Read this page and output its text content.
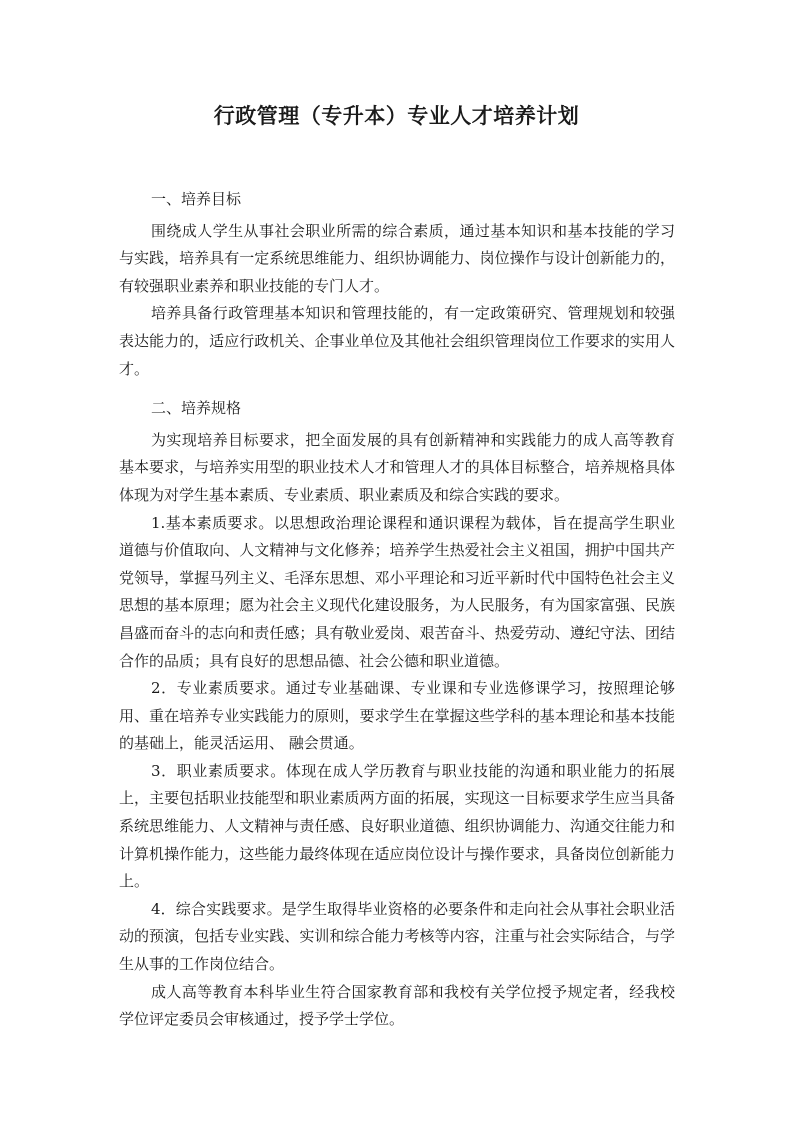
行政管理（专升本）专业人才培养计划
一、培养目标

围绕成人学生从事社会职业所需的综合素质，通过基本知识和基本技能的学习与实践，培养具有一定系统思维能力、组织协调能力、岗位操作与设计创新能力的，有较强职业素养和职业技能的专门人才。

培养具备行政管理基本知识和管理技能的，有一定政策研究、管理规划和较强表达能力的，适应行政机关、企事业单位及其他社会组织管理岗位工作要求的实用人才。

二、培养规格

为实现培养目标要求，把全面发展的具有创新精神和实践能力的成人高等教育基本要求，与培养实用型的职业技术人才和管理人才的具体目标整合，培养规格具体体现为对学生基本素质、专业素质、职业素质及和综合实践的要求。

1.基本素质要求。以思想政治理论课程和通识课程为载体，旨在提高学生职业道德与价值取向、人文精神与文化修养；培养学生热爱社会主义祖国，拥护中国共产党领导，掌握马列主义、毛泽东思想、邓小平理论和习近平新时代中国特色社会主义思想的基本原理；愿为社会主义现代化建设服务，为人民服务，有为国家富强、民族昌盛而奋斗的志向和责任感；具有敬业爱岗、艰苦奋斗、热爱劳动、遵纪守法、团结合作的品质；具有良好的思想品德、社会公德和职业道德。

2．专业素质要求。通过专业基础课、专业课和专业选修课学习，按照理论够用、重在培养专业实践能力的原则，要求学生在掌握这些学科的基本理论和基本技能的基础上，能灵活运用、 融会贯通。

3．职业素质要求。体现在成人学历教育与职业技能的沟通和职业能力的拓展上，主要包括职业技能型和职业素质两方面的拓展，实现这一目标要求学生应当具备系统思维能力、人文精神与责任感、良好职业道德、组织协调能力、沟通交往能力和计算机操作能力，这些能力最终体现在适应岗位设计与操作要求，具备岗位创新能力上。

4．综合实践要求。是学生取得毕业资格的必要条件和走向社会从事社会职业活动的预演，包括专业实践、实训和综合能力考核等内容，注重与社会实际结合，与学生从事的工作岗位结合。

成人高等教育本科毕业生符合国家教育部和我校有关学位授予规定者，经我校学位评定委员会审核通过，授予学士学位。
